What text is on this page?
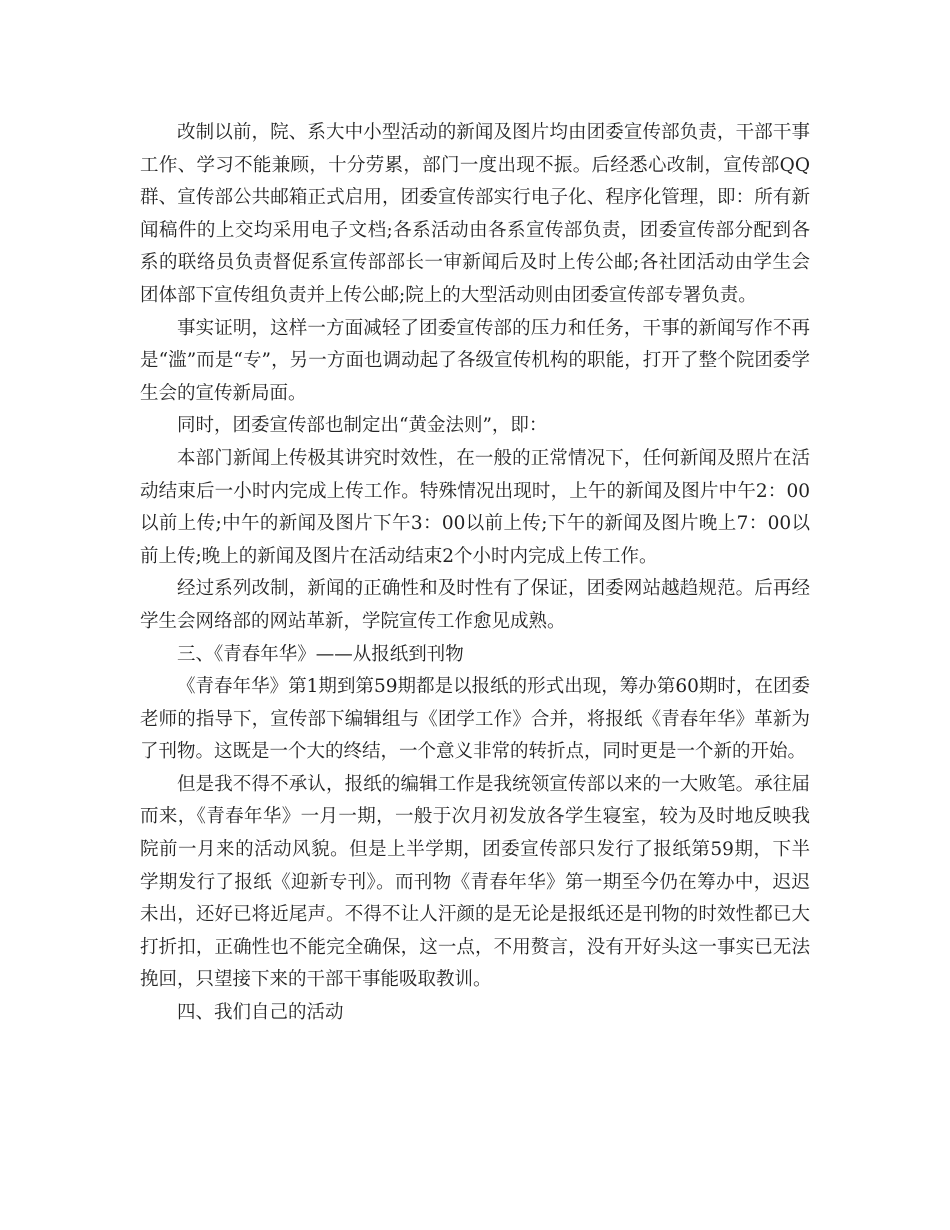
改制以前，院、系大中小型活动的新闻及图片均由团委宣传部负责，干部干事工作、学习不能兼顾，十分劳累，部门一度出现不振。后经悉心改制，宣传部QQ群、宣传部公共邮箱正式启用，团委宣传部实行电子化、程序化管理，即：所有新闻稿件的上交均采用电子文档;各系活动由各系宣传部负责，团委宣传部分配到各系的联络员负责督促系宣传部部长一审新闻后及时上传公邮;各社团活动由学生会团体部下宣传组负责并上传公邮;院上的大型活动则由团委宣传部专署负责。

事实证明，这样一方面减轻了团委宣传部的压力和任务，干事的新闻写作不再是“滥”而是“专”，另一方面也调动起了各级宣传机构的职能，打开了整个院团委学生会的宣传新局面。

同时，团委宣传部也制定出“黄金法则”，即：

本部门新闻上传极其讲究时效性，在一般的正常情况下，任何新闻及照片在活动结束后一小时内完成上传工作。特殊情况出现时，上午的新闻及图片中午2：00以前上传;中午的新闻及图片下午3：00以前上传;下午的新闻及图片晚上7：00以前上传;晚上的新闻及图片在活动结束2个小时内完成上传工作。

经过系列改制，新闻的正确性和及时性有了保证，团委网站越趋规范。后再经学生会网络部的网站革新，学院宣传工作愈见成熟。

三、《青春年华》——从报纸到刊物

《青春年华》第1期到第59期都是以报纸的形式出现，筹办第60期时，在团委老师的指导下，宣传部下编辑组与《团学工作》合并，将报纸《青春年华》革新为了刊物。这既是一个大的终结，一个意义非常的转折点，同时更是一个新的开始。

但是我不得不承认，报纸的编辑工作是我统领宣传部以来的一大败笔。承往届而来，《青春年华》一月一期，一般于次月初发放各学生寝室，较为及时地反映我院前一月来的活动风貌。但是上半学期，团委宣传部只发行了报纸第59期，下半学期发行了报纸《迎新专刊》。而刊物《青春年华》第一期至今仍在筹办中，迟迟未出，还好已将近尾声。不得不让人汗颜的是无论是报纸还是刊物的时效性都已大打折扣，正确性也不能完全确保，这一点，不用赘言，没有开好头这一事实已无法挽回，只望接下来的干部干事能吸取教训。

四、我们自己的活动
